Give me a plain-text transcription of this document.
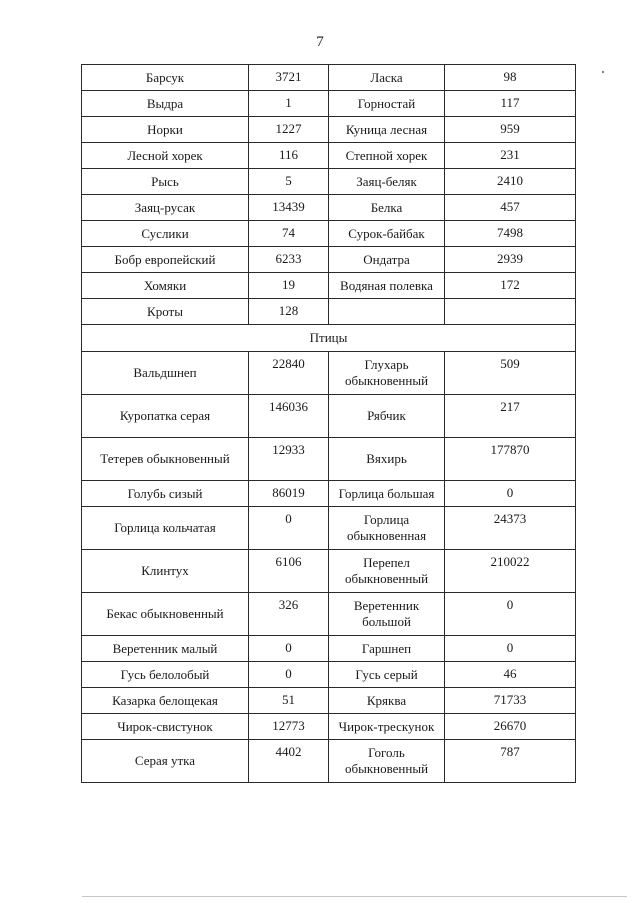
7
Барсук	3721	Ласка	98
Выдра	1	Горностай	117
Норки	1227	Куница лесная	959
Лесной хорек	116	Степной хорек	231
Рысь	5	Заяц-беляк	2410
Заяц-русак	13439	Белка	457
Суслики	74	Сурок-байбак	7498
Бобр европейский	6233	Ондатра	2939
Хомяки	19	Водяная полевка	172
Кроты	128		
Птицы			
Вальдшнеп	22840	Глухарь обыкновенный	509
Куропатка серая	146036	Рябчик	217
Тетерев обыкновенный	12933	Вяхирь	177870
Голубь сизый	86019	Горлица большая	0
Горлица кольчатая	0	Горлица обыкновенная	24373
Клинтух	6106	Перепел обыкновенный	210022
Бекас обыкновенный	326	Веретенник большой	0
Веретенник малый	0	Гаршнеп	0
Гусь белолобый	0	Гусь серый	46
Казарка белощекая	51	Кряква	71733
Чирок-свистунок	12773	Чирок-трескунок	26670
Серая утка	4402	Гоголь обыкновенный	787
